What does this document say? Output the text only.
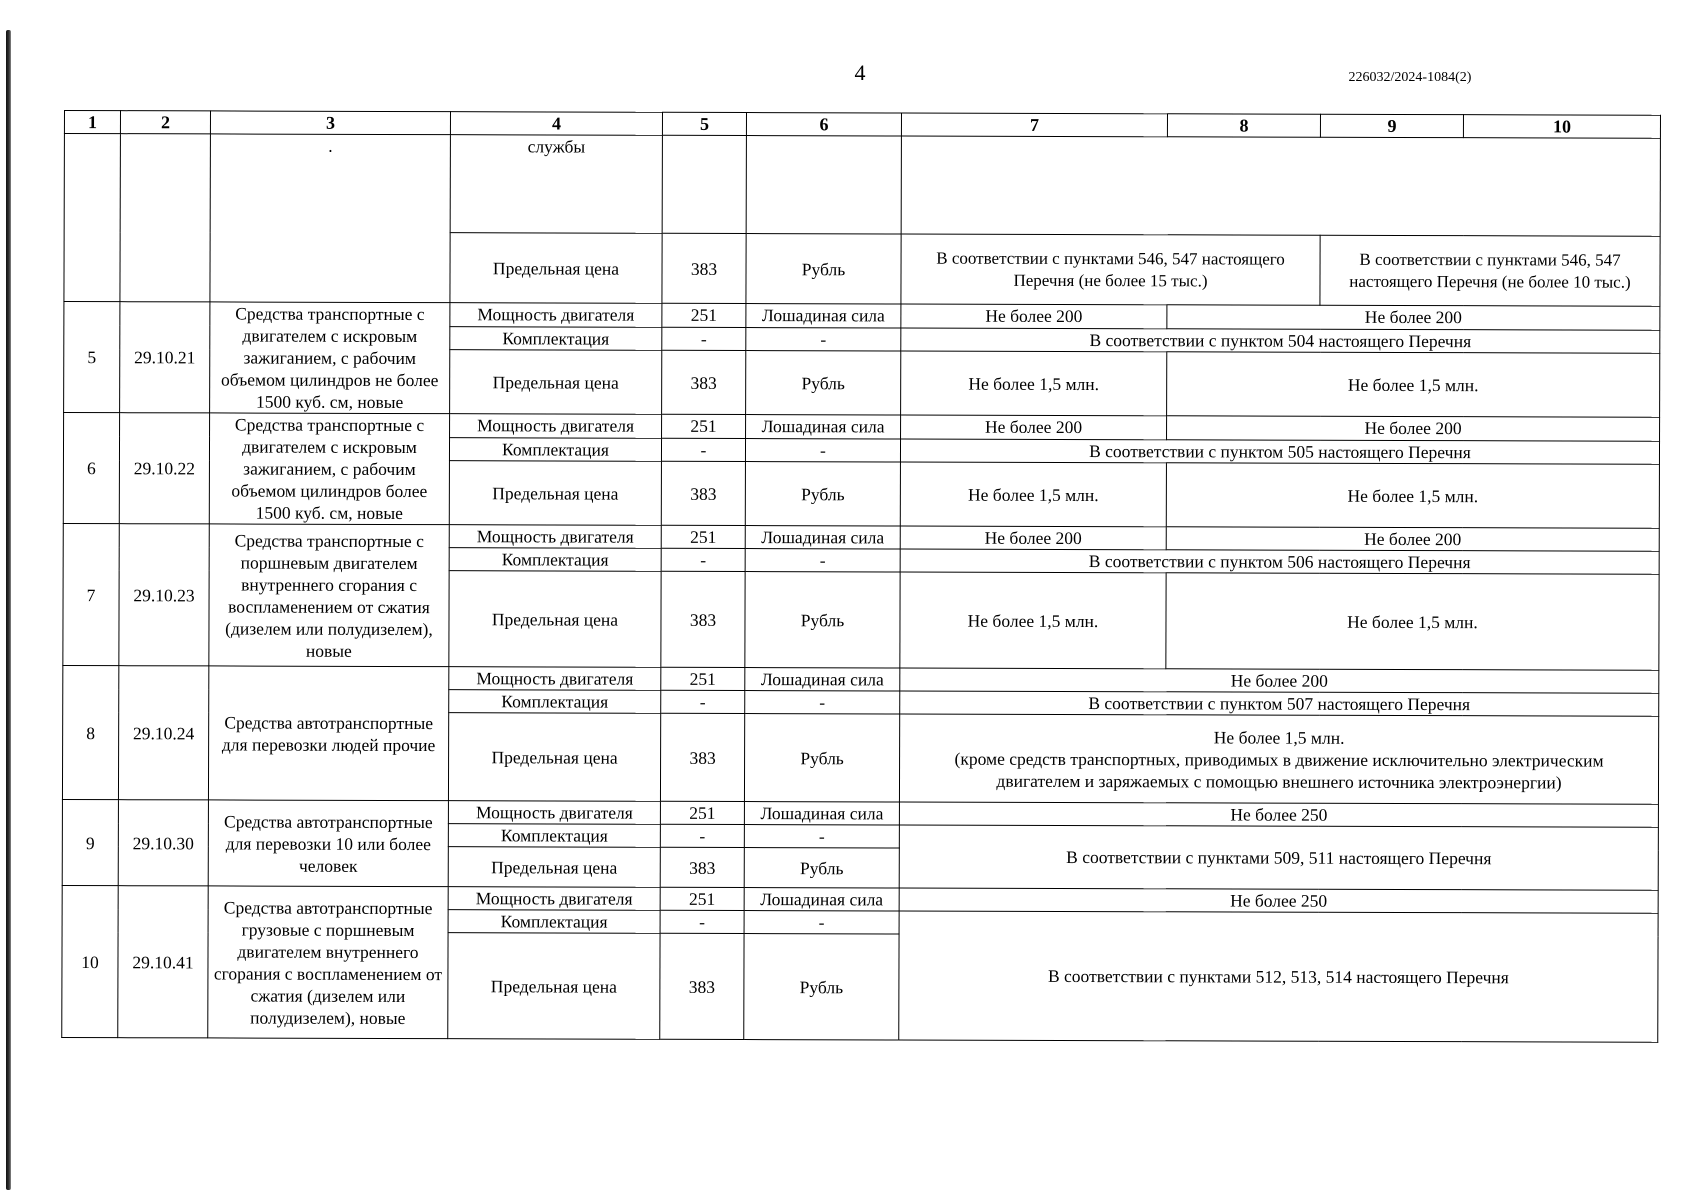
4	226032/2024-1084(2)
1	2	3	4	5	6	7	8	9	10
		.	службы						
			Предельная цена	383	Рубль	В соответствии с пунктами 546, 547 настоящего Перечня (не более 15 тыс.)		В соответствии с пунктами 546, 547 настоящего Перечня (не более 10 тыс.)	
5	29.10.21	Средства транспортные с двигателем с искровым зажиганием, с рабочим объемом цилиндров не более 1500 куб. см, новые	Мощность двигателя	251	Лошадиная сила	Не более 200	Не более 200		
			Комплектация	-	-	В соответствии с пунктом 504 настоящего Перечня			
			Предельная цена	383	Рубль	Не более 1,5 млн.	Не более 1,5 млн.		
6	29.10.22	Средства транспортные с двигателем с искровым зажиганием, с рабочим объемом цилиндров более 1500 куб. см, новые	Мощность двигателя	251	Лошадиная сила	Не более 200	Не более 200		
			Комплектация	-	-	В соответствии с пунктом 505 настоящего Перечня			
			Предельная цена	383	Рубль	Не более 1,5 млн.	Не более 1,5 млн.		
7	29.10.23	Средства транспортные с поршневым двигателем внутреннего сгорания с воспламенением от сжатия (дизелем или полудизелем), новые	Мощность двигателя	251	Лошадиная сила	Не более 200	Не более 200		
			Комплектация	-	-	В соответствии с пунктом 506 настоящего Перечня			
			Предельная цена	383	Рубль	Не более 1,5 млн.	Не более 1,5 млн.		
8	29.10.24	Средства автотранспортные для перевозки людей прочие	Мощность двигателя	251	Лошадиная сила	Не более 200			
			Комплектация	-	-	В соответствии с пунктом 507 настоящего Перечня			
			Предельная цена	383	Рубль	Не более 1,5 млн.
(кроме средств транспортных, приводимых в движение исключительно электрическим двигателем и заряжаемых с помощью внешнего источника электроэнергии)			

9	29.10.30	Средства автотранспортные для перевозки 10 или более человек	Мощность двигателя	251	Лошадиная сила	Не более 250			
			Комплектация	-	-	В соответствии с пунктами 509, 511 настоящего Перечня			
			Предельная цена	383	Рубль				
10	29.10.41	Средства автотранспортные грузовые с поршневым двигателем внутреннего сгорания с воспламенением от сжатия (дизелем или полудизелем), новые	Мощность двигателя	251	Лошадиная сила	Не более 250			
			Комплектация	-	-	В соответствии с пунктами 512, 513, 514 настоящего Перечня			
			Предельная цена	383	Рубль				
